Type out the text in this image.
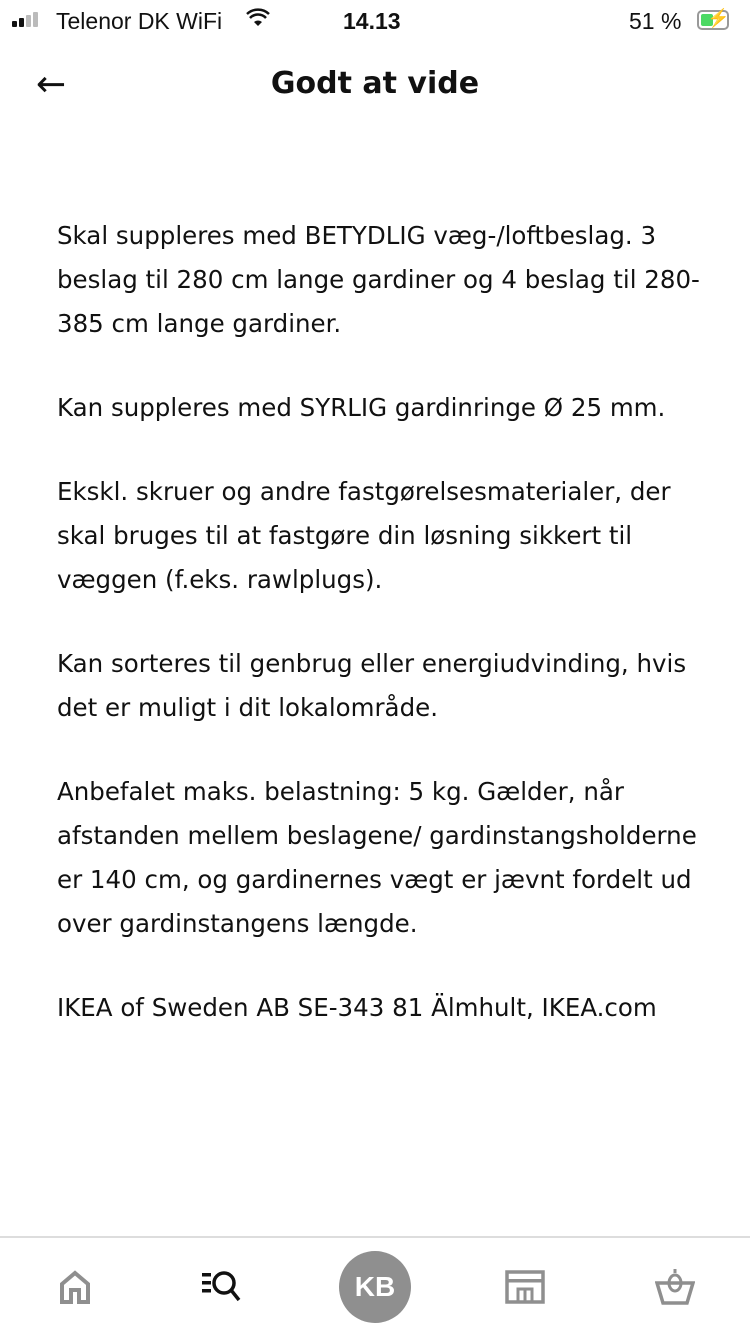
Telenor DK WiFi	14.13	51 % ⚡
←	Godt at vide

Skal suppleres med BETYDLIG væg-/loftbeslag. 3 beslag til 280 cm lange gardiner og 4 beslag til 280-385 cm lange gardiner.

Kan suppleres med SYRLIG gardinringe Ø 25 mm.

Ekskl. skruer og andre fastgørelsesmaterialer, der skal bruges til at fastgøre din løsning sikkert til væggen (f.eks. rawlplugs).

Kan sorteres til genbrug eller energiudvinding, hvis det er muligt i dit lokalområde.

Anbefalet maks. belastning: 5 kg. Gælder, når afstanden mellem beslagene/ gardinstangsholderne er 140 cm, og gardinernes vægt er jævnt fordelt ud over gardinstangens længde.

IKEA of Sweden AB SE-343 81 Älmhult, IKEA.com

KB
